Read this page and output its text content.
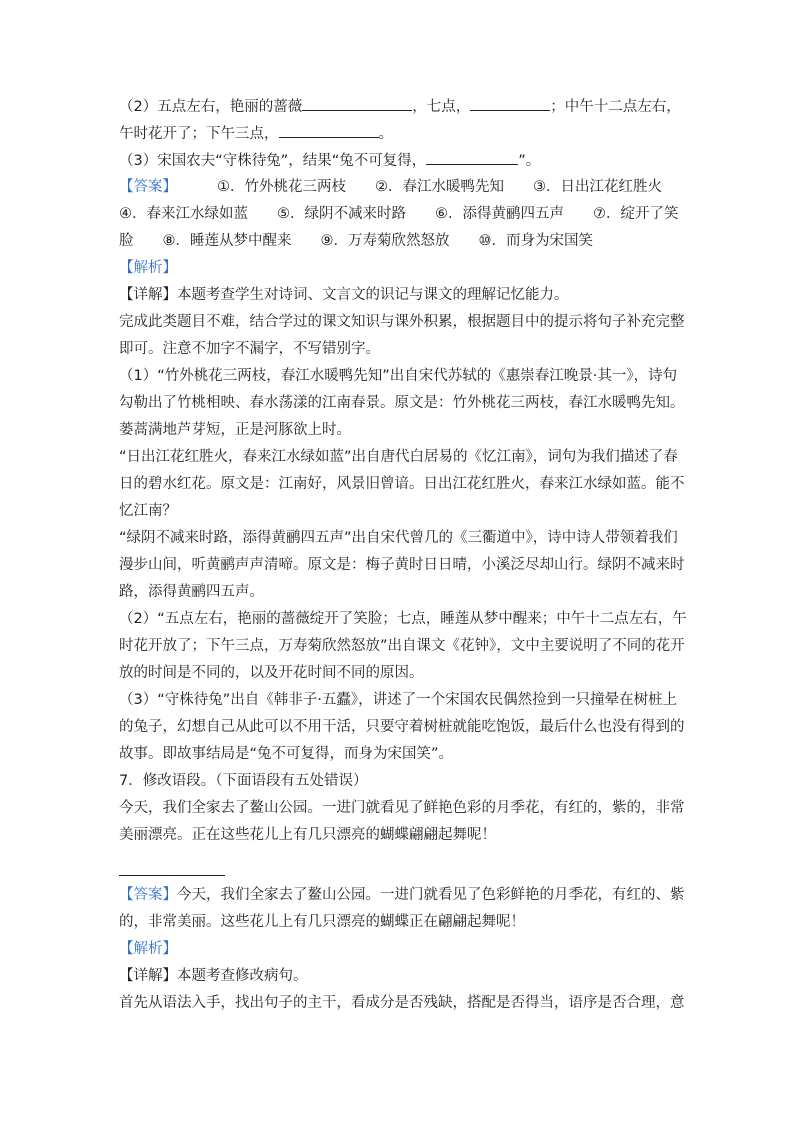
（2）五点左右，艳丽的蔷薇	，七点，	；中午十二点左右，
午时花开了；下午三点，	。
（3）宋国农夫“守株待兔”，结果“兔不可复得，	”。
【答案】	①．竹外桃花三两枝　　②．春江水暖鸭先知　　③．日出江花红胜火
④．春来江水绿如蓝　　⑤．绿阴不减来时路　　⑥．添得黄鹂四五声　　⑦．绽开了笑
脸　　⑧．睡莲从梦中醒来　　⑨．万寿菊欣然怒放　　⑩．而身为宋国笑
【解析】
【详解】本题考查学生对诗词、文言文的识记与课文的理解记忆能力。
完成此类题目不难，结合学过的课文知识与课外积累，根据题目中的提示将句子补充完整
即可。注意不加字不漏字，不写错别字。
（1）“竹外桃花三两枝，春江水暖鸭先知”出自宋代苏轼的《惠崇春江晚景·其一》，诗句
勾勒出了竹桃相映、春水荡漾的江南春景。原文是：竹外桃花三两枝，春江水暖鸭先知。
蒌蒿满地芦芽短，正是河豚欲上时。
“日出江花红胜火，春来江水绿如蓝”出自唐代白居易的《忆江南》，词句为我们描述了春
日的碧水红花。原文是：江南好，风景旧曾谙。日出江花红胜火，春来江水绿如蓝。能不
忆江南？
“绿阴不减来时路，添得黄鹂四五声”出自宋代曾几的《三衢道中》，诗中诗人带领着我们
漫步山间，听黄鹂声声清啼。原文是：梅子黄时日日晴，小溪泛尽却山行。绿阴不减来时
路，添得黄鹂四五声。
（2）“五点左右，艳丽的蔷薇绽开了笑脸；七点，睡莲从梦中醒来；中午十二点左右，午
时花开放了；下午三点，万寿菊欣然怒放”出自课文《花钟》，文中主要说明了不同的花开
放的时间是不同的，以及开花时间不同的原因。
（3）“守株待兔”出自《韩非子·五蠹》，讲述了一个宋国农民偶然捡到一只撞晕在树桩上
的兔子，幻想自己从此可以不用干活，只要守着树桩就能吃饱饭，最后什么也没有得到的
故事。即故事结局是“兔不可复得，而身为宋国笑”。
7．修改语段。（下面语段有五处错误）
今天，我们全家去了鳌山公园。一进门就看见了鲜艳色彩的月季花，有红的，紫的，非常
美丽漂亮。正在这些花儿上有几只漂亮的蝴蝶翩翩起舞呢！
【答案】今天，我们全家去了鳌山公园。一进门就看见了色彩鲜艳的月季花，有红的、紫
的，非常美丽。这些花儿上有几只漂亮的蝴蝶正在翩翩起舞呢！
【解析】
【详解】本题考查修改病句。
首先从语法入手，找出句子的主干，看成分是否残缺，搭配是否得当，语序是否合理，意
